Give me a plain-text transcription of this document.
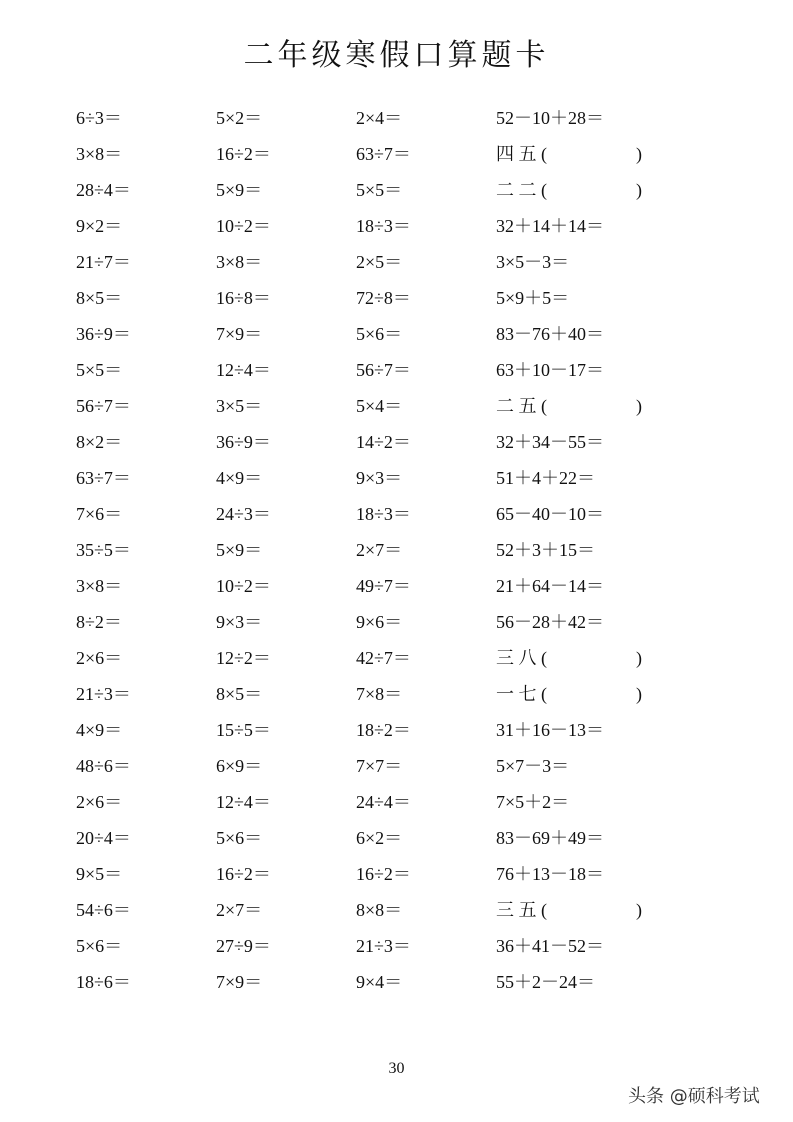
二年级寒假口算题卡
6÷3＝	5×2＝	2×4＝	52－10＋28＝
3×8＝	16÷2＝	63÷7＝	四 五 (	)
28÷4＝	5×9＝	5×5＝	二 二 (	)
9×2＝	10÷2＝	18÷3＝	32＋14＋14＝
21÷7＝	3×8＝	2×5＝	3×5－3＝
8×5＝	16÷8＝	72÷8＝	5×9＋5＝
36÷9＝	7×9＝	5×6＝	83－76＋40＝
5×5＝	12÷4＝	56÷7＝	63＋10－17＝
56÷7＝	3×5＝	5×4＝	二 五 (	)
8×2＝	36÷9＝	14÷2＝	32＋34－55＝
63÷7＝	4×9＝	9×3＝	51＋4＋22＝
7×6＝	24÷3＝	18÷3＝	65－40－10＝
35÷5＝	5×9＝	2×7＝	52＋3＋15＝
3×8＝	10÷2＝	49÷7＝	21＋64－14＝
8÷2＝	9×3＝	9×6＝	56－28＋42＝
2×6＝	12÷2＝	42÷7＝	三 八 (	)
21÷3＝	8×5＝	7×8＝	一 七 (	)
4×9＝	15÷5＝	18÷2＝	31＋16－13＝
48÷6＝	6×9＝	7×7＝	5×7－3＝
2×6＝	12÷4＝	24÷4＝	7×5＋2＝
20÷4＝	5×6＝	6×2＝	83－69＋49＝
9×5＝	16÷2＝	16÷2＝	76＋13－18＝
54÷6＝	2×7＝	8×8＝	三 五 (	)
5×6＝	27÷9＝	21÷3＝	36＋41－52＝
18÷6＝	7×9＝	9×4＝	55＋2－24＝
30
头条 @硕科考试
